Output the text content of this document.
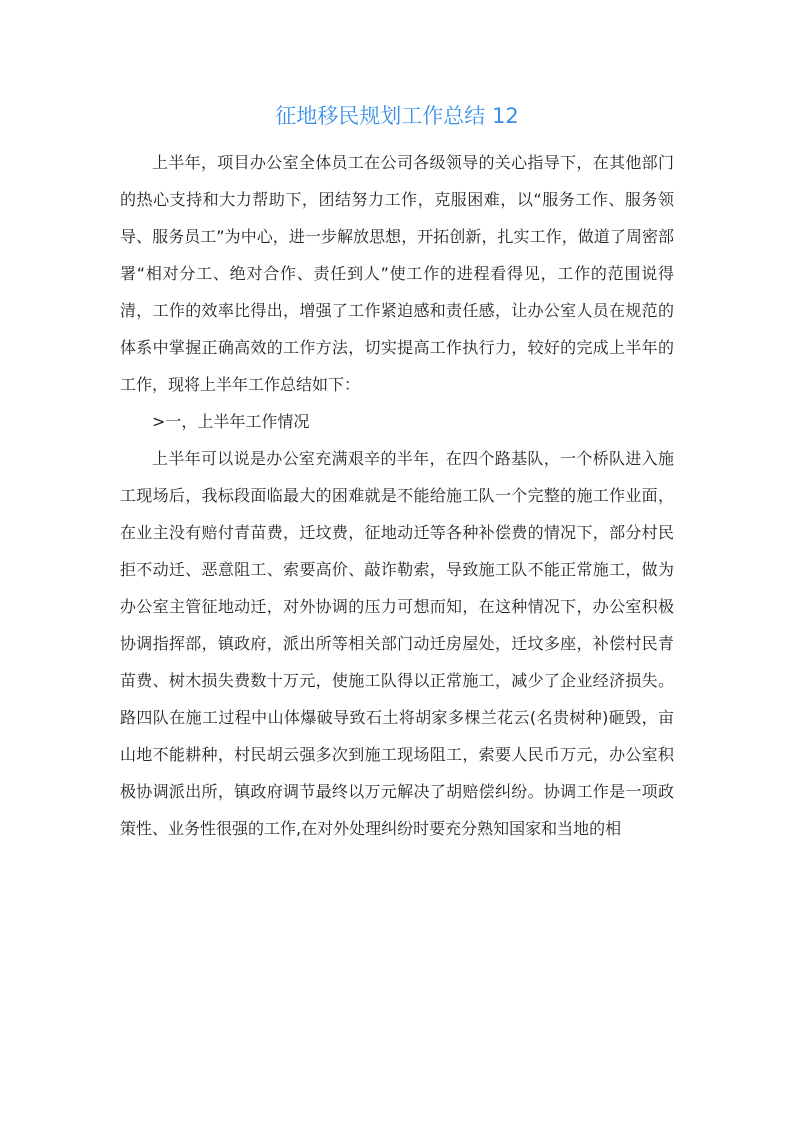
征地移民规划工作总结 12

上半年，项目办公室全体员工在公司各级领导的关心指导下，在其他部门的热心支持和大力帮助下，团结努力工作，克服困难，以“服务工作、服务领导、服务员工”为中心，进一步解放思想，开拓创新，扎实工作，做道了周密部署“相对分工、绝对合作、责任到人”使工作的进程看得见，工作的范围说得清，工作的效率比得出，增强了工作紧迫感和责任感，让办公室人员在规范的体系中掌握正确高效的工作方法，切实提高工作执行力，较好的完成上半年的工作，现将上半年工作总结如下：

>一，上半年工作情况

上半年可以说是办公室充满艰辛的半年，在四个路基队，一个桥队进入施工现场后，我标段面临最大的困难就是不能给施工队一个完整的施工作业面，在业主没有赔付青苗费，迁坟费，征地动迁等各种补偿费的情况下，部分村民拒不动迁、恶意阻工、索要高价、敲诈勒索，导致施工队不能正常施工，做为办公室主管征地动迁，对外协调的压力可想而知，在这种情况下，办公室积极协调指挥部，镇政府，派出所等相关部门动迁房屋处，迁坟多座，补偿村民青苗费、树木损失费数十万元，使施工队得以正常施工，减少了企业经济损失。路四队在施工过程中山体爆破导致石土将胡家多棵兰花云(名贵树种)砸毁，亩山地不能耕种，村民胡云强多次到施工现场阻工，索要人民币万元，办公室积极协调派出所，镇政府调节最终以万元解决了胡赔偿纠纷。协调工作是一项政策性、业务性很强的工作,在对外处理纠纷时要充分熟知国家和当地的相
